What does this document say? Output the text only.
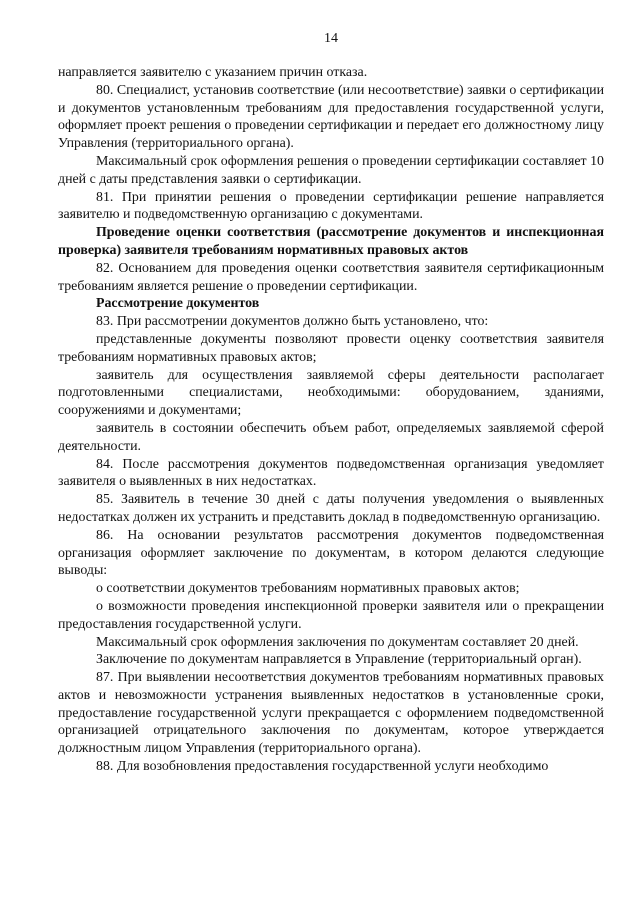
14

направляется заявителю с указанием причин отказа.

80. Специалист, установив соответствие (или несоответствие) заявки о сертификации и документов установленным требованиям для предоставления государственной услуги, оформляет проект решения о проведении сертификации и передает его должностному лицу Управления (территориального органа).

Максимальный срок оформления решения о проведении сертификации составляет 10 дней с даты представления заявки о сертификации.

81. При принятии решения о проведении сертификации решение направляется заявителю и подведомственную организацию с документами.

Проведение оценки соответствия (рассмотрение документов и инспекционная проверка) заявителя требованиям нормативных правовых актов

82. Основанием для проведения оценки соответствия заявителя сертификационным требованиям является решение о проведении сертификации.

Рассмотрение документов

83. При рассмотрении документов должно быть установлено, что:

представленные документы позволяют провести оценку соответствия заявителя требованиям нормативных правовых актов;

заявитель для осуществления заявляемой сферы деятельности располагает подготовленными специалистами, необходимыми: оборудованием, зданиями, сооружениями и документами;

заявитель в состоянии обеспечить объем работ, определяемых заявляемой сферой деятельности.

84. После рассмотрения документов подведомственная организация уведомляет заявителя о выявленных в них недостатках.

85. Заявитель в течение 30 дней с даты получения уведомления о выявленных недостатках должен их устранить и представить доклад в подведомственную организацию.

86. На основании результатов рассмотрения документов подведомственная организация оформляет заключение по документам, в котором делаются следующие выводы:

о соответствии документов требованиям нормативных правовых актов;

о возможности проведения инспекционной проверки заявителя или о прекращении предоставления государственной услуги.

Максимальный срок оформления заключения по документам составляет 20 дней.

Заключение по документам направляется в Управление (территориальный орган).

87. При выявлении несоответствия документов требованиям нормативных правовых актов и невозможности устранения выявленных недостатков в установленные сроки, предоставление государственной услуги прекращается с оформлением подведомственной организацией отрицательного заключения по документам, которое утверждается должностным лицом Управления (территориального органа).

88. Для возобновления предоставления государственной услуги необходимо
